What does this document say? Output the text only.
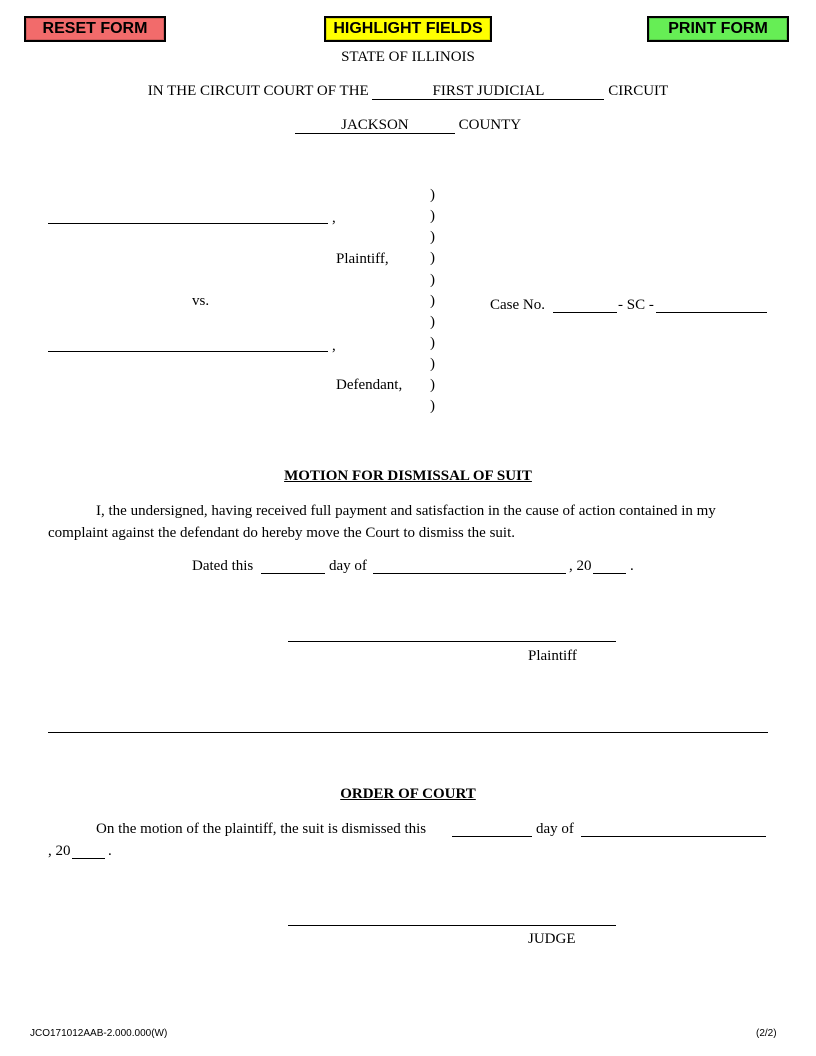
RESET FORM	HIGHLIGHT FIELDS	PRINT FORM
STATE OF ILLINOIS
IN THE CIRCUIT COURT OF THE	FIRST JUDICIAL	CIRCUIT
JACKSON	COUNTY
)
)
)
)
)
)
)
)
)
)
)
,
Plaintiff,
vs.
,
Defendant,
Case No.	- SC -
MOTION FOR DISMISSAL OF SUIT
I, the undersigned, having received full payment and satisfaction in the cause of action contained in my complaint against the defendant do hereby move the Court to dismiss the suit.
Dated this	day of	, 20	.
Plaintiff
ORDER OF COURT
On the motion of the plaintiff, the suit is dismissed this	day of
, 20	.
JUDGE
JCO171012AAB-2.000.000(W)	(2/2)
